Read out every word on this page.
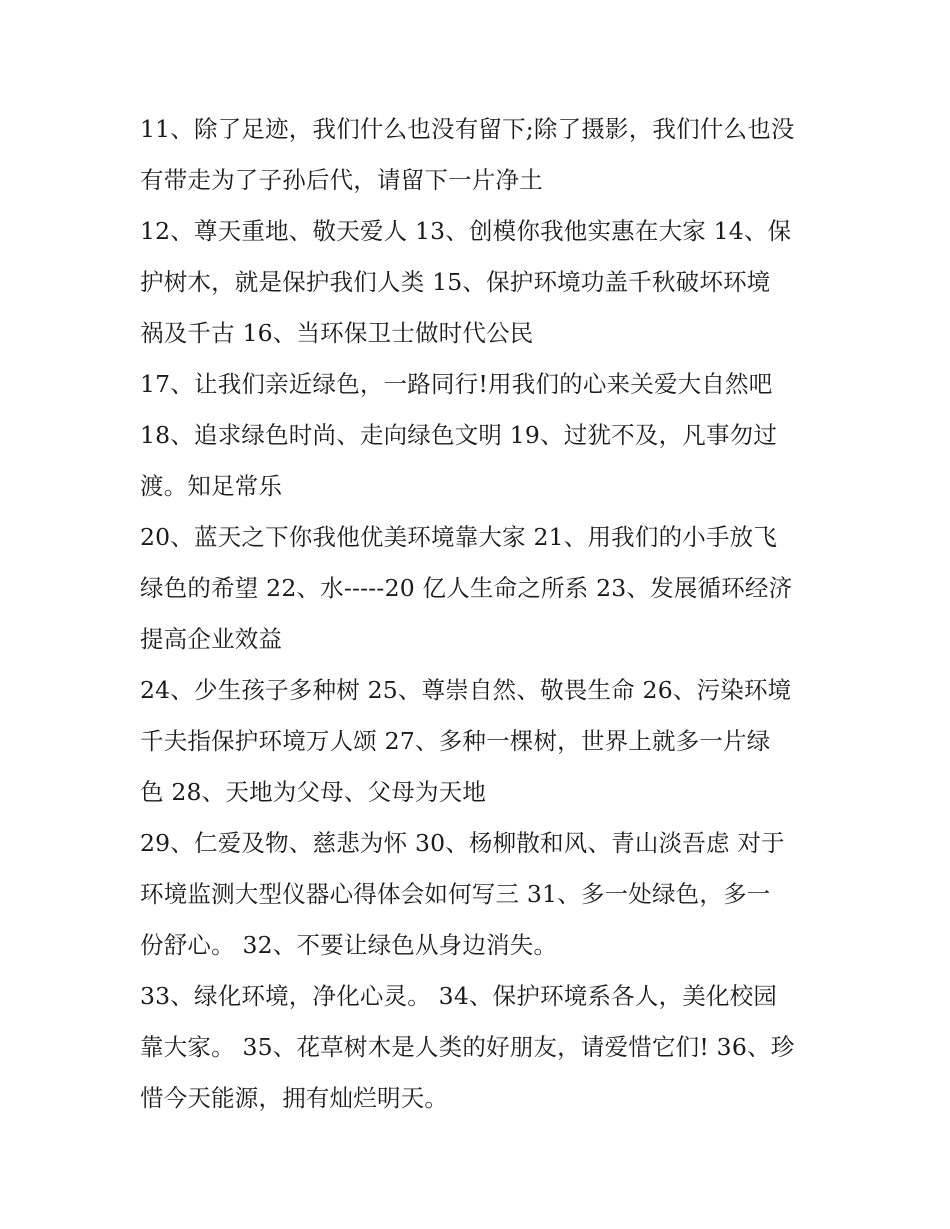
11、除了足迹，我们什么也没有留下;除了摄影，我们什么也没
有带走为了子孙后代，请留下一片净土
12、尊天重地、敬天爱人 13、创模你我他实惠在大家 14、保
护树木，就是保护我们人类 15、保护环境功盖千秋破坏环境
祸及千古 16、当环保卫士做时代公民
17、让我们亲近绿色，一路同行!用我们的心来关爱大自然吧
18、追求绿色时尚、走向绿色文明 19、过犹不及，凡事勿过
渡。知足常乐
20、蓝天之下你我他优美环境靠大家 21、用我们的小手放飞
绿色的希望 22、水-----20 亿人生命之所系 23、发展循环经济
提高企业效益
24、少生孩子多种树 25、尊崇自然、敬畏生命 26、污染环境
千夫指保护环境万人颂 27、多种一棵树，世界上就多一片绿
色 28、天地为父母、父母为天地
29、仁爱及物、慈悲为怀 30、杨柳散和风、青山淡吾虑 对于
环境监测大型仪器心得体会如何写三 31、多一处绿色，多一
份舒心。 32、不要让绿色从身边消失。
33、绿化环境，净化心灵。 34、保护环境系各人，美化校园
靠大家。 35、花草树木是人类的好朋友，请爱惜它们! 36、珍
惜今天能源，拥有灿烂明天。
